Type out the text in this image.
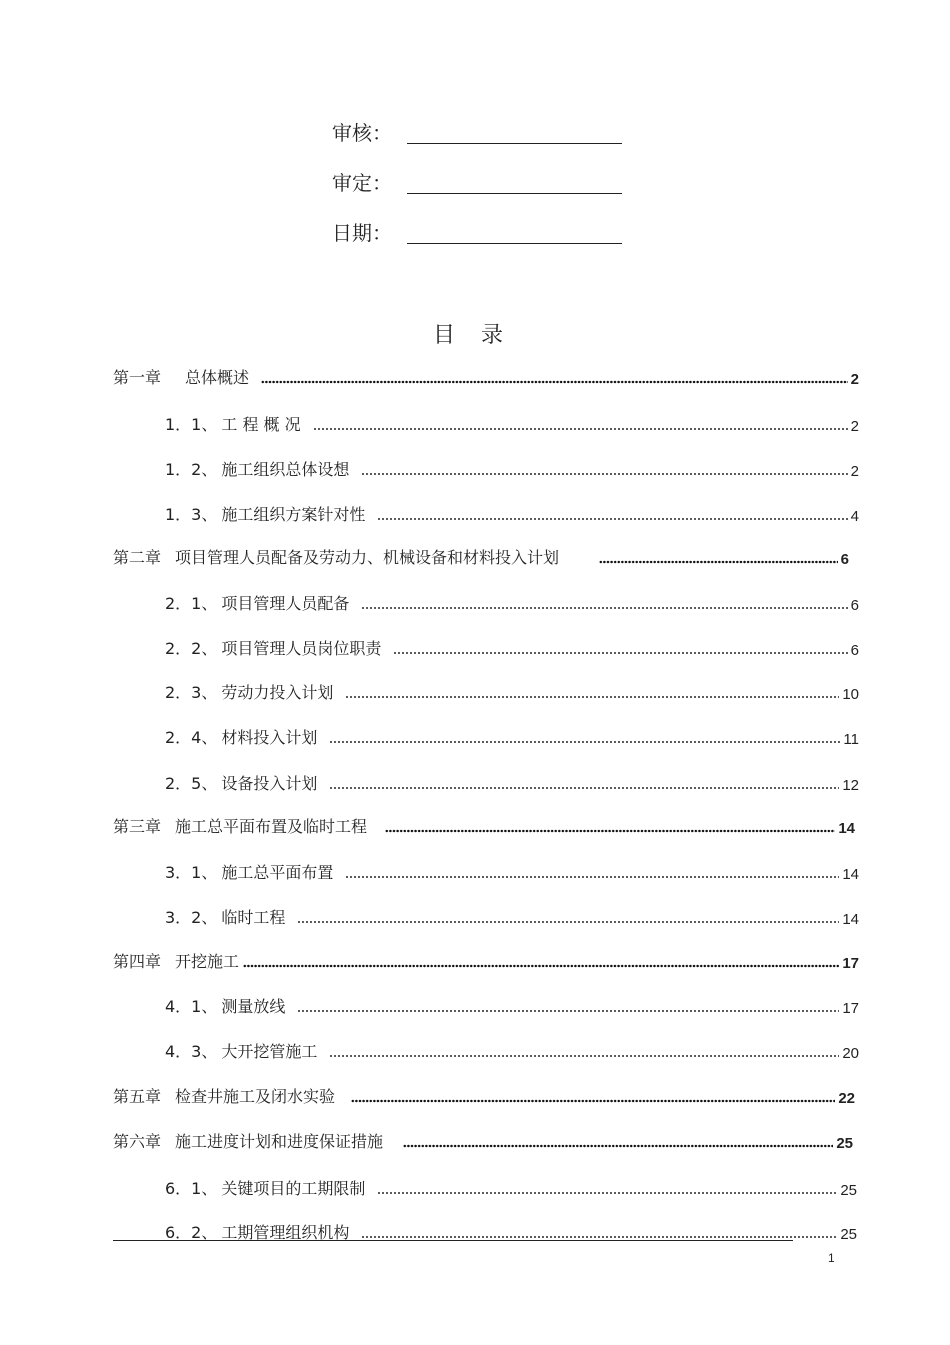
审核：
审定：
日期：
目录
第一章 总体概述	2
1．1、 工 程 概 况	2
1．2、 施工组织总体设想	2
1．3、 施工组织方案针对性	4
第二章 项目管理人员配备及劳动力、机械设备和材料投入计划	6
2．1、 项目管理人员配备	6
2．2、 项目管理人员岗位职责	6
2．3、 劳动力投入计划	10
2．4、 材料投入计划	11
2．5、 设备投入计划	12
第三章 施工总平面布置及临时工程	14
3．1、 施工总平面布置	14
3．2、 临时工程	14
第四章 开挖施工	17
4．1、 测量放线	17
4．3、 大开挖管施工	20
第五章 检查井施工及闭水实验	22
第六章 施工进度计划和进度保证措施	25
6．1、 关键项目的工期限制	25
6．2、 工期管理组织机构	25
1
